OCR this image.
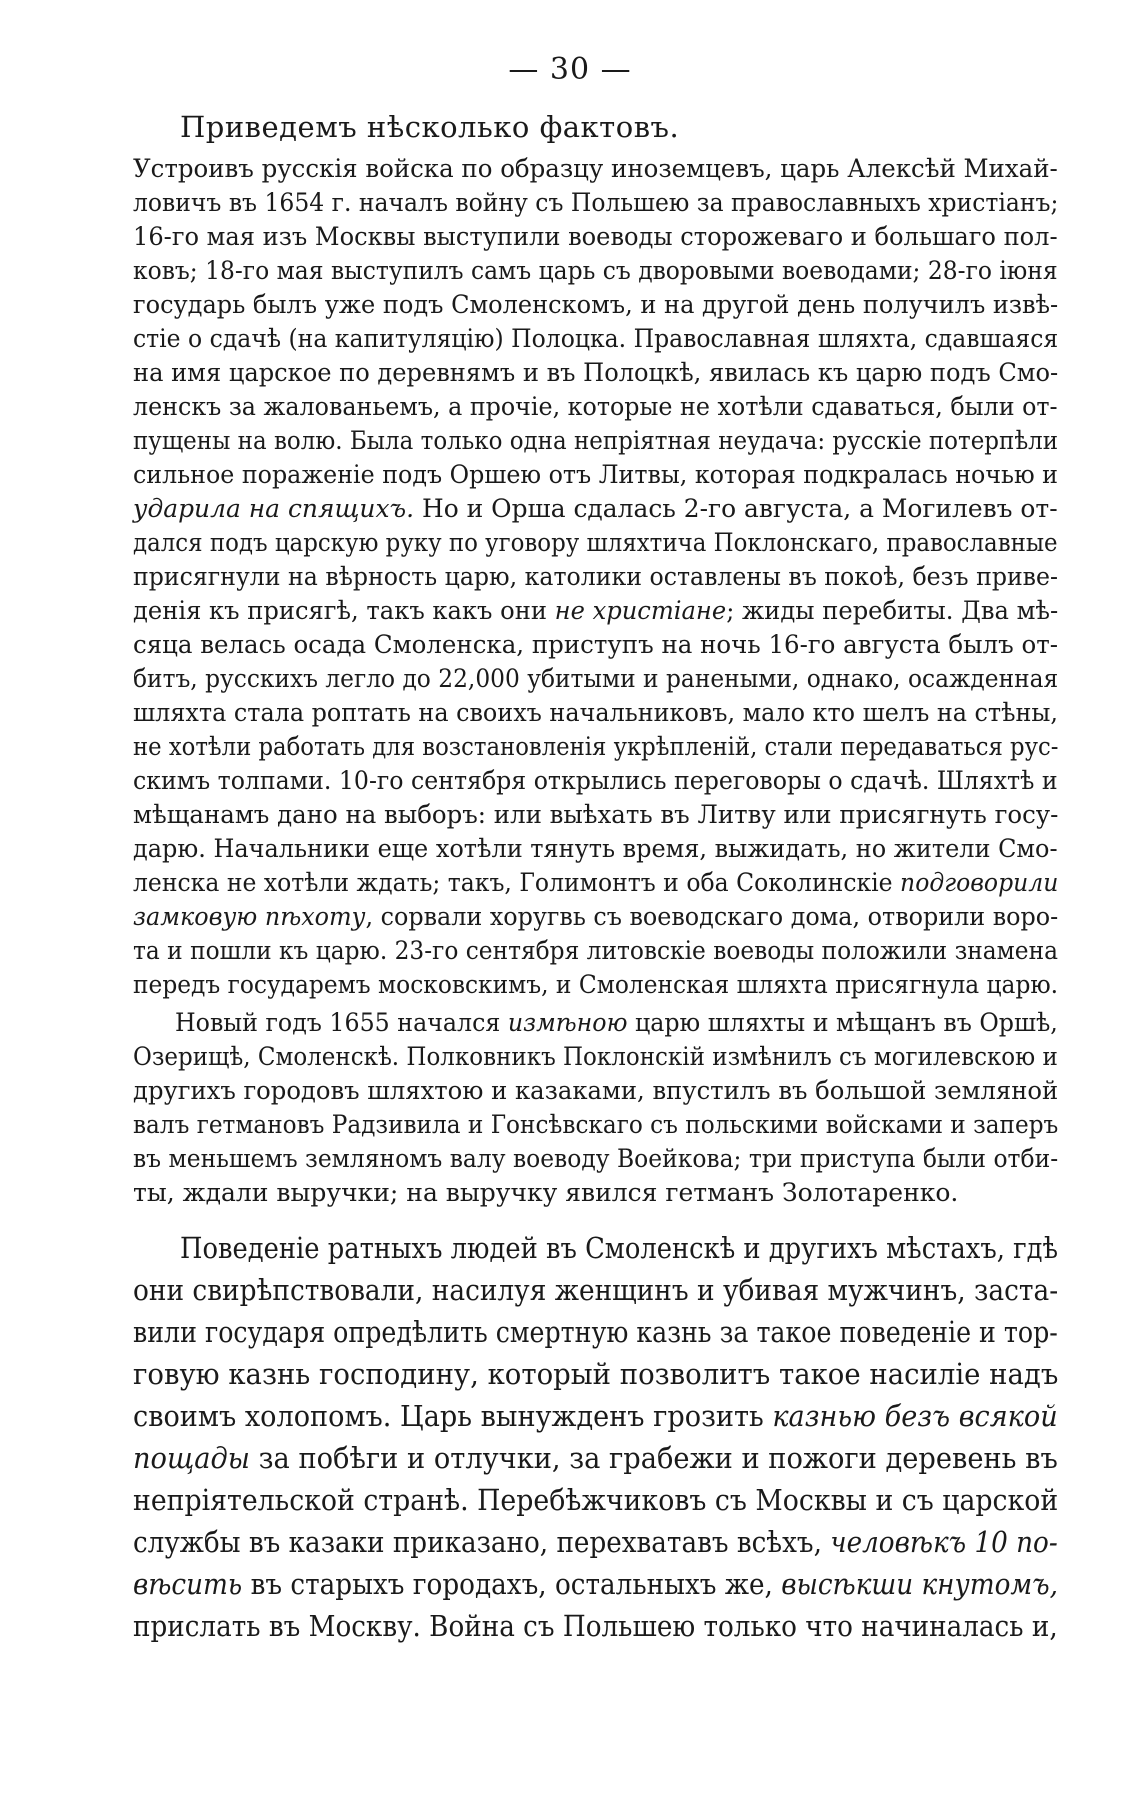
— 30 —
Приведемъ нѣсколько фактовъ.
Устроивъ русскія войска по образцу иноземцевъ, царь Алексѣй Михай-
ловичъ въ 1654 г. началъ войну съ Польшею за православныхъ христіанъ;
16-го мая изъ Москвы выступили воеводы сторожеваго и большаго пол-
ковъ; 18-го мая выступилъ самъ царь съ дворовыми воеводами; 28-го іюня
государь былъ уже подъ Смоленскомъ, и на другой день получилъ извѣ-
стіе о сдачѣ (на капитуляцію) Полоцка. Православная шляхта, сдавшаяся
на имя царское по деревнямъ и въ Полоцкѣ, явилась къ царю подъ Смо-
ленскъ за жалованьемъ, а прочіе, которые не хотѣли сдаваться, были от-
пущены на волю. Была только одна непріятная неудача: русскіе потерпѣли
сильное пораженіе подъ Оршею отъ Литвы, которая подкралась ночью и
ударила на спящихъ. Но и Орша сдалась 2-го августа, а Могилевъ от-
дался подъ царскую руку по уговору шляхтича Поклонскаго, православные
присягнули на вѣрность царю, католики оставлены въ покоѣ, безъ приве-
денія къ присягѣ, такъ какъ они не христіане; жиды перебиты. Два мѣ-
сяца велась осада Смоленска, приступъ на ночь 16-го августа былъ от-
битъ, русскихъ легло до 22,000 убитыми и ранеными, однако, осажденная
шляхта стала роптать на своихъ начальниковъ, мало кто шелъ на стѣны,
не хотѣли работать для возстановленія укрѣпленій, стали передаваться рус-
скимъ толпами. 10-го сентября открылись переговоры о сдачѣ. Шляхтѣ и
мѣщанамъ дано на выборъ: или выѣхать въ Литву или присягнуть госу-
дарю. Начальники еще хотѣли тянуть время, выжидать, но жители Смо-
ленска не хотѣли ждать; такъ, Голимонтъ и оба Соколинскіе подговорили
замковую пѣхоту, сорвали хоругвь съ воеводскаго дома, отворили воро-
та и пошли къ царю. 23-го сентября литовскіе воеводы положили знамена
передъ государемъ московскимъ, и Смоленская шляхта присягнула царю.
Новый годъ 1655 начался измѣною царю шляхты и мѣщанъ въ Оршѣ,
Озерищѣ, Смоленскѣ. Полковникъ Поклонскій измѣнилъ съ могилевскою и
другихъ городовъ шляхтою и казаками, впустилъ въ большой земляной
валъ гетмановъ Радзивила и Гонсѣвскаго съ польскими войсками и заперъ
въ меньшемъ земляномъ валу воеводу Воейкова; три приступа были отби-
ты, ждали выручки; на выручку явился гетманъ Золотаренко.
Поведеніе ратныхъ людей въ Смоленскѣ и другихъ мѣстахъ, гдѣ
они свирѣпствовали, насилуя женщинъ и убивая мужчинъ, заста-
вили государя опредѣлить смертную казнь за такое поведеніе и тор-
говую казнь господину, который позволитъ такое насиліе надъ
своимъ холопомъ. Царь вынужденъ грозить казнью безъ всякой
пощады за побѣги и отлучки, за грабежи и пожоги деревень въ
непріятельской странѣ. Перебѣжчиковъ съ Москвы и съ царской
службы въ казаки приказано, перехватавъ всѣхъ, человѣкъ 10 по-
вѣсить въ старыхъ городахъ, остальныхъ же, высѣкши кнутомъ,
прислать въ Москву. Война съ Польшею только что начиналась и,
